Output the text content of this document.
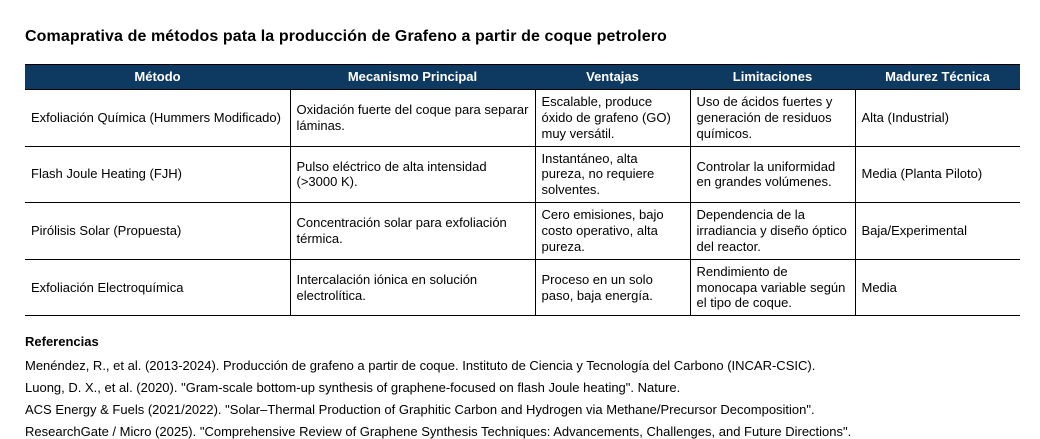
Comaprativa de métodos pata la producción de Grafeno a partir de coque petrolero
Método	Mecanismo Principal	Ventajas	Limitaciones	Madurez Técnica
Exfoliación Química (Hummers Modificado)	Oxidación fuerte del coque para separar láminas.	Escalable, produce óxido de grafeno (GO) muy versátil.	Uso de ácidos fuertes y generación de residuos químicos.	Alta (Industrial)
Flash Joule Heating (FJH)	Pulso eléctrico de alta intensidad (>3000 K).	Instantáneo, alta pureza, no requiere solventes.	Controlar la uniformidad en grandes volúmenes.	Media (Planta Piloto)
Pirólisis Solar (Propuesta)	Concentración solar para exfoliación térmica.	Cero emisiones, bajo costo operativo, alta pureza.	Dependencia de la irradiancia y diseño óptico del reactor.	Baja/Experimental
Exfoliación Electroquímica	Intercalación iónica en solución electrolítica.	Proceso en un solo paso, baja energía.	Rendimiento de monocapa variable según el tipo de coque.	Media

Referencias

Menéndez, R., et al. (2013-2024). Producción de grafeno a partir de coque. Instituto de Ciencia y Tecnología del Carbono (INCAR-CSIC).

Luong, D. X., et al. (2020). "Gram-scale bottom-up synthesis of graphene-focused on flash Joule heating". Nature.

ACS Energy & Fuels (2021/2022). "Solar–Thermal Production of Graphitic Carbon and Hydrogen via Methane/Precursor Decomposition".

ResearchGate / Micro (2025). "Comprehensive Review of Graphene Synthesis Techniques: Advancements, Challenges, and Future Directions".
